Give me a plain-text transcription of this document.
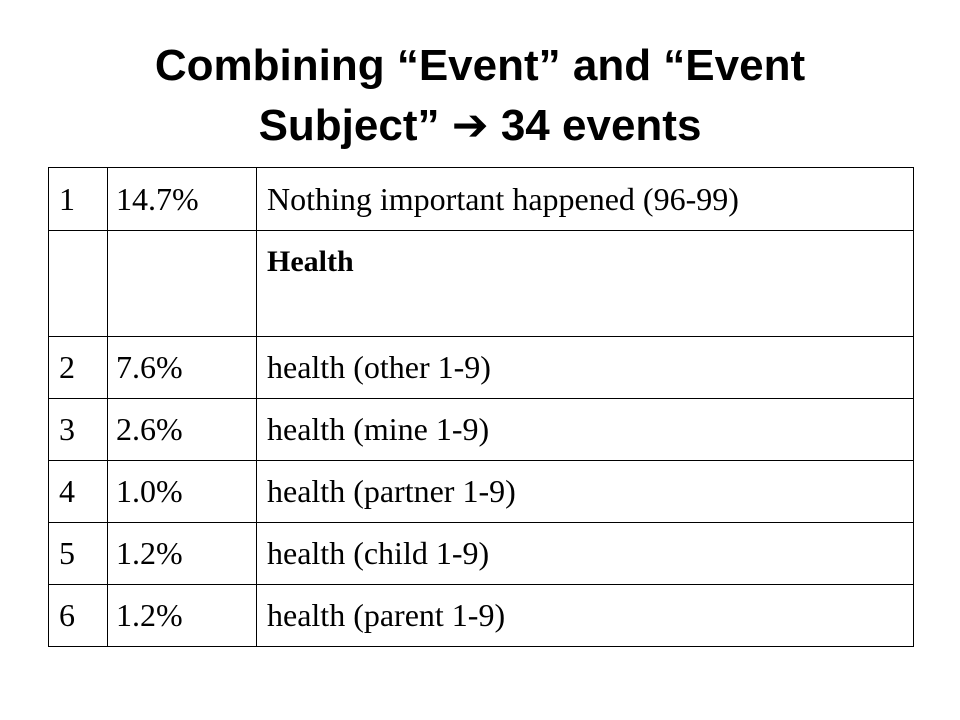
Combining “Event” and “Event
Subject” ➔ 34 events
1	14.7%	Nothing important happened (96-99)
		Health
2	7.6%	health (other 1-9)
3	2.6%	health (mine 1-9)
4	1.0%	health (partner 1-9)
5	1.2%	health (child 1-9)
6	1.2%	health (parent 1-9)
